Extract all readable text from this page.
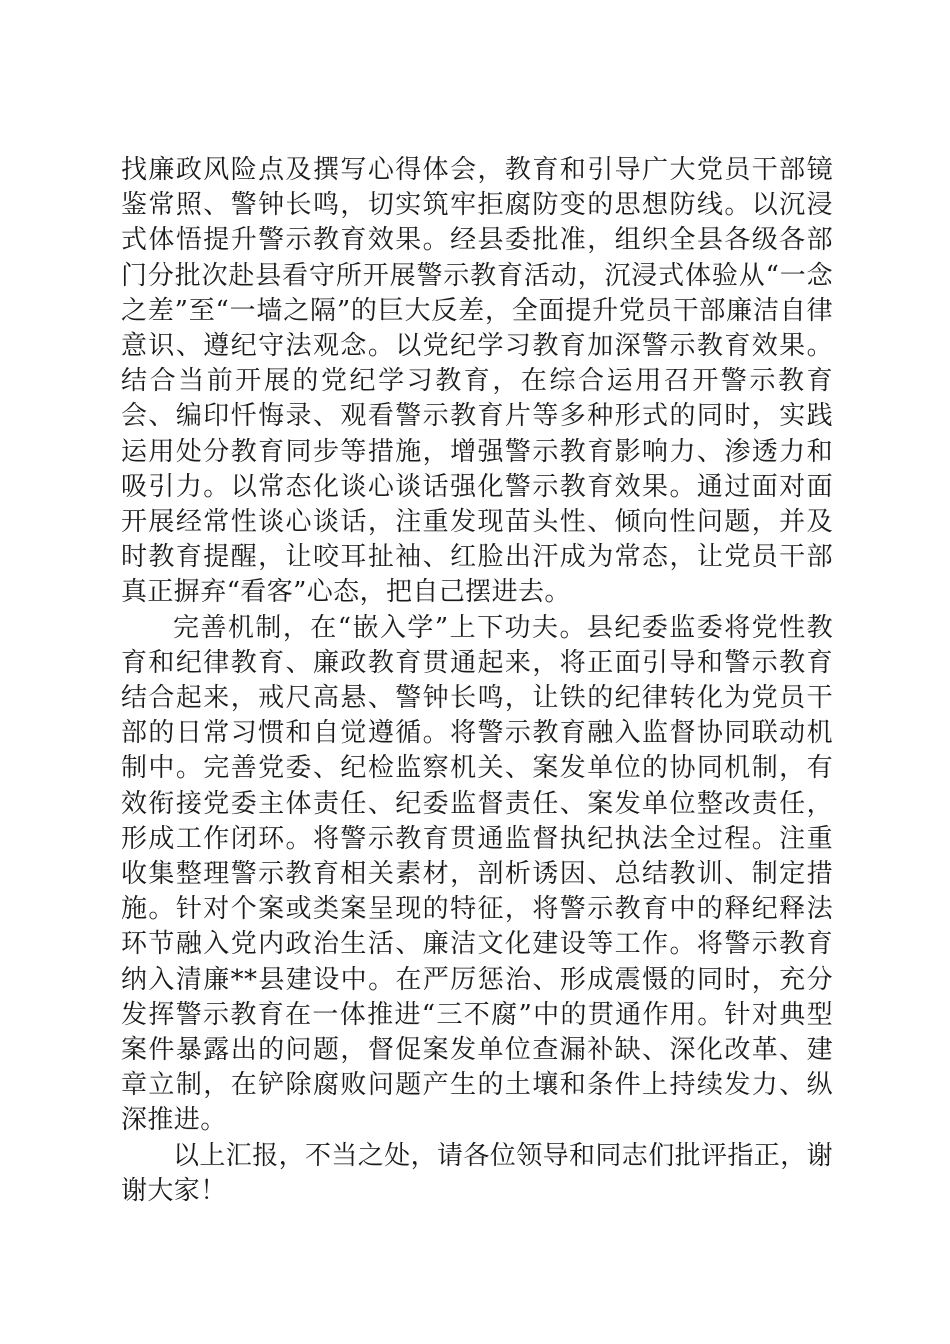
找廉政风险点及撰写心得体会，教育和引导广大党员干部镜鉴常照、警钟长鸣，切实筑牢拒腐防变的思想防线。以沉浸式体悟提升警示教育效果。经县委批准，组织全县各级各部门分批次赴县看守所开展警示教育活动，沉浸式体验从“一念之差”至“一墙之隔”的巨大反差，全面提升党员干部廉洁自律意识、遵纪守法观念。以党纪学习教育加深警示教育效果。结合当前开展的党纪学习教育，在综合运用召开警示教育会、编印忏悔录、观看警示教育片等多种形式的同时，实践运用处分教育同步等措施，增强警示教育影响力、渗透力和吸引力。以常态化谈心谈话强化警示教育效果。通过面对面开展经常性谈心谈话，注重发现苗头性、倾向性问题，并及时教育提醒，让咬耳扯袖、红脸出汗成为常态，让党员干部真正摒弃“看客”心态，把自己摆进去。

完善机制，在“嵌入学”上下功夫。县纪委监委将党性教育和纪律教育、廉政教育贯通起来，将正面引导和警示教育结合起来，戒尺高悬、警钟长鸣，让铁的纪律转化为党员干部的日常习惯和自觉遵循。将警示教育融入监督协同联动机制中。完善党委、纪检监察机关、案发单位的协同机制，有效衔接党委主体责任、纪委监督责任、案发单位整改责任，形成工作闭环。将警示教育贯通监督执纪执法全过程。注重收集整理警示教育相关素材，剖析诱因、总结教训、制定措施。针对个案或类案呈现的特征，将警示教育中的释纪释法环节融入党内政治生活、廉洁文化建设等工作。将警示教育纳入清廉**县建设中。在严厉惩治、形成震慑的同时，充分发挥警示教育在一体推进“三不腐”中的贯通作用。针对典型案件暴露出的问题，督促案发单位查漏补缺、深化改革、建章立制，在铲除腐败问题产生的土壤和条件上持续发力、纵深推进。

以上汇报，不当之处，请各位领导和同志们批评指正，谢谢大家！
